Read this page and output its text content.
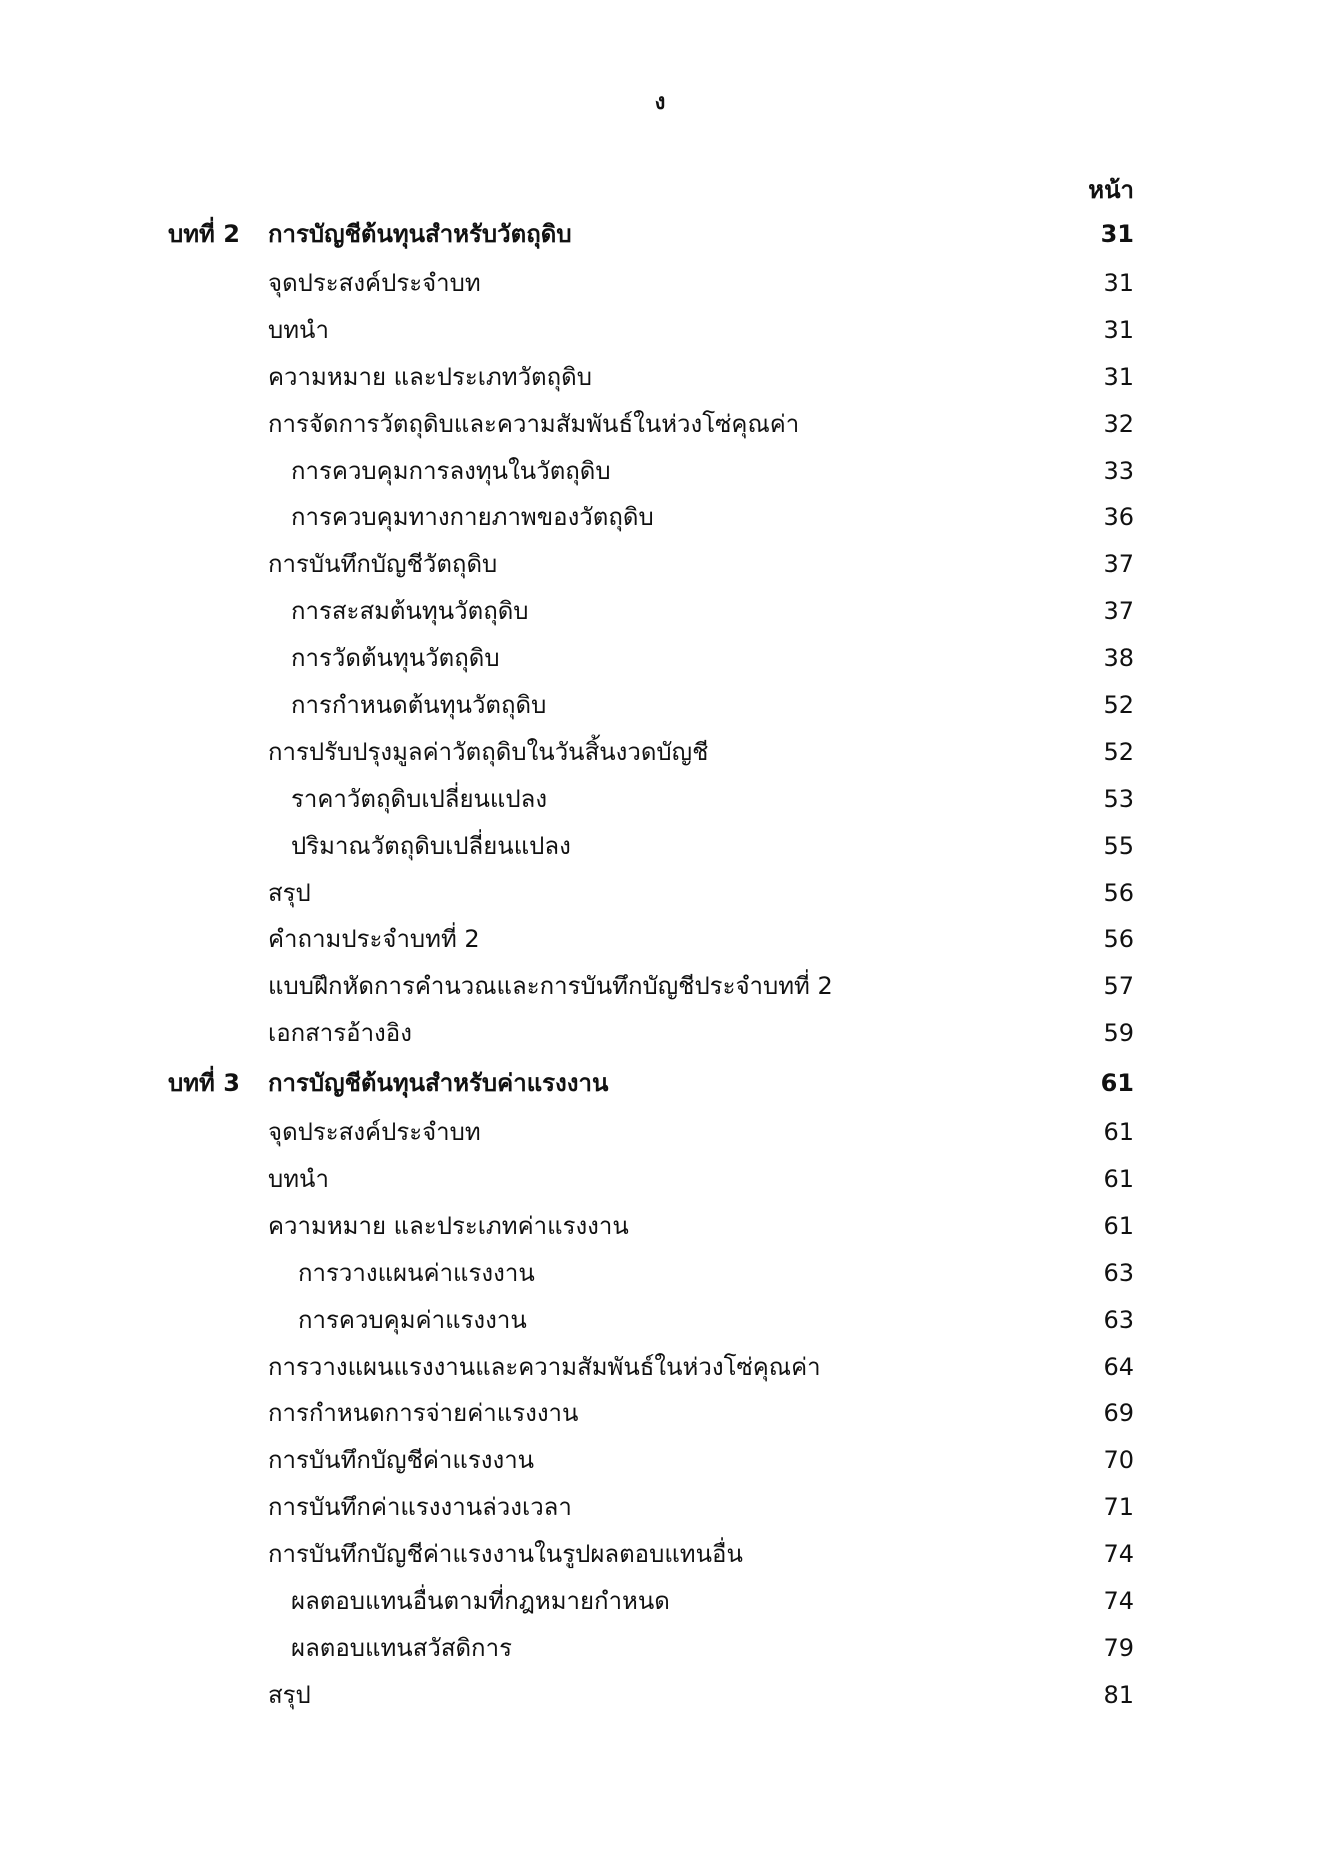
ง
หน้า
บทที่ 2 การบัญชีต้นทุนสำหรับวัตถุดิบ	31
จุดประสงค์ประจำบท	31
บทนำ	31
ความหมาย และประเภทวัตถุดิบ	31
การจัดการวัตถุดิบและความสัมพันธ์ในห่วงโซ่คุณค่า	32
การควบคุมการลงทุนในวัตถุดิบ	33
การควบคุมทางกายภาพของวัตถุดิบ	36
การบันทึกบัญชีวัตถุดิบ	37
การสะสมต้นทุนวัตถุดิบ	37
การวัดต้นทุนวัตถุดิบ	38
การกำหนดต้นทุนวัตถุดิบ	52
การปรับปรุงมูลค่าวัตถุดิบในวันสิ้นงวดบัญชี	52
ราคาวัตถุดิบเปลี่ยนแปลง	53
ปริมาณวัตถุดิบเปลี่ยนแปลง	55
สรุป	56
คำถามประจำบทที่ 2	56
แบบฝึกหัดการคำนวณและการบันทึกบัญชีประจำบทที่ 2	57
เอกสารอ้างอิง	59
บทที่ 3 การบัญชีต้นทุนสำหรับค่าแรงงาน	61
จุดประสงค์ประจำบท	61
บทนำ	61
ความหมาย และประเภทค่าแรงงาน	61
การวางแผนค่าแรงงาน	63
การควบคุมค่าแรงงาน	63
การวางแผนแรงงานและความสัมพันธ์ในห่วงโซ่คุณค่า	64
การกำหนดการจ่ายค่าแรงงาน	69
การบันทึกบัญชีค่าแรงงาน	70
การบันทึกค่าแรงงานล่วงเวลา	71
การบันทึกบัญชีค่าแรงงานในรูปผลตอบแทนอื่น	74
ผลตอบแทนอื่นตามที่กฎหมายกำหนด	74
ผลตอบแทนสวัสดิการ	79
สรุป	81
